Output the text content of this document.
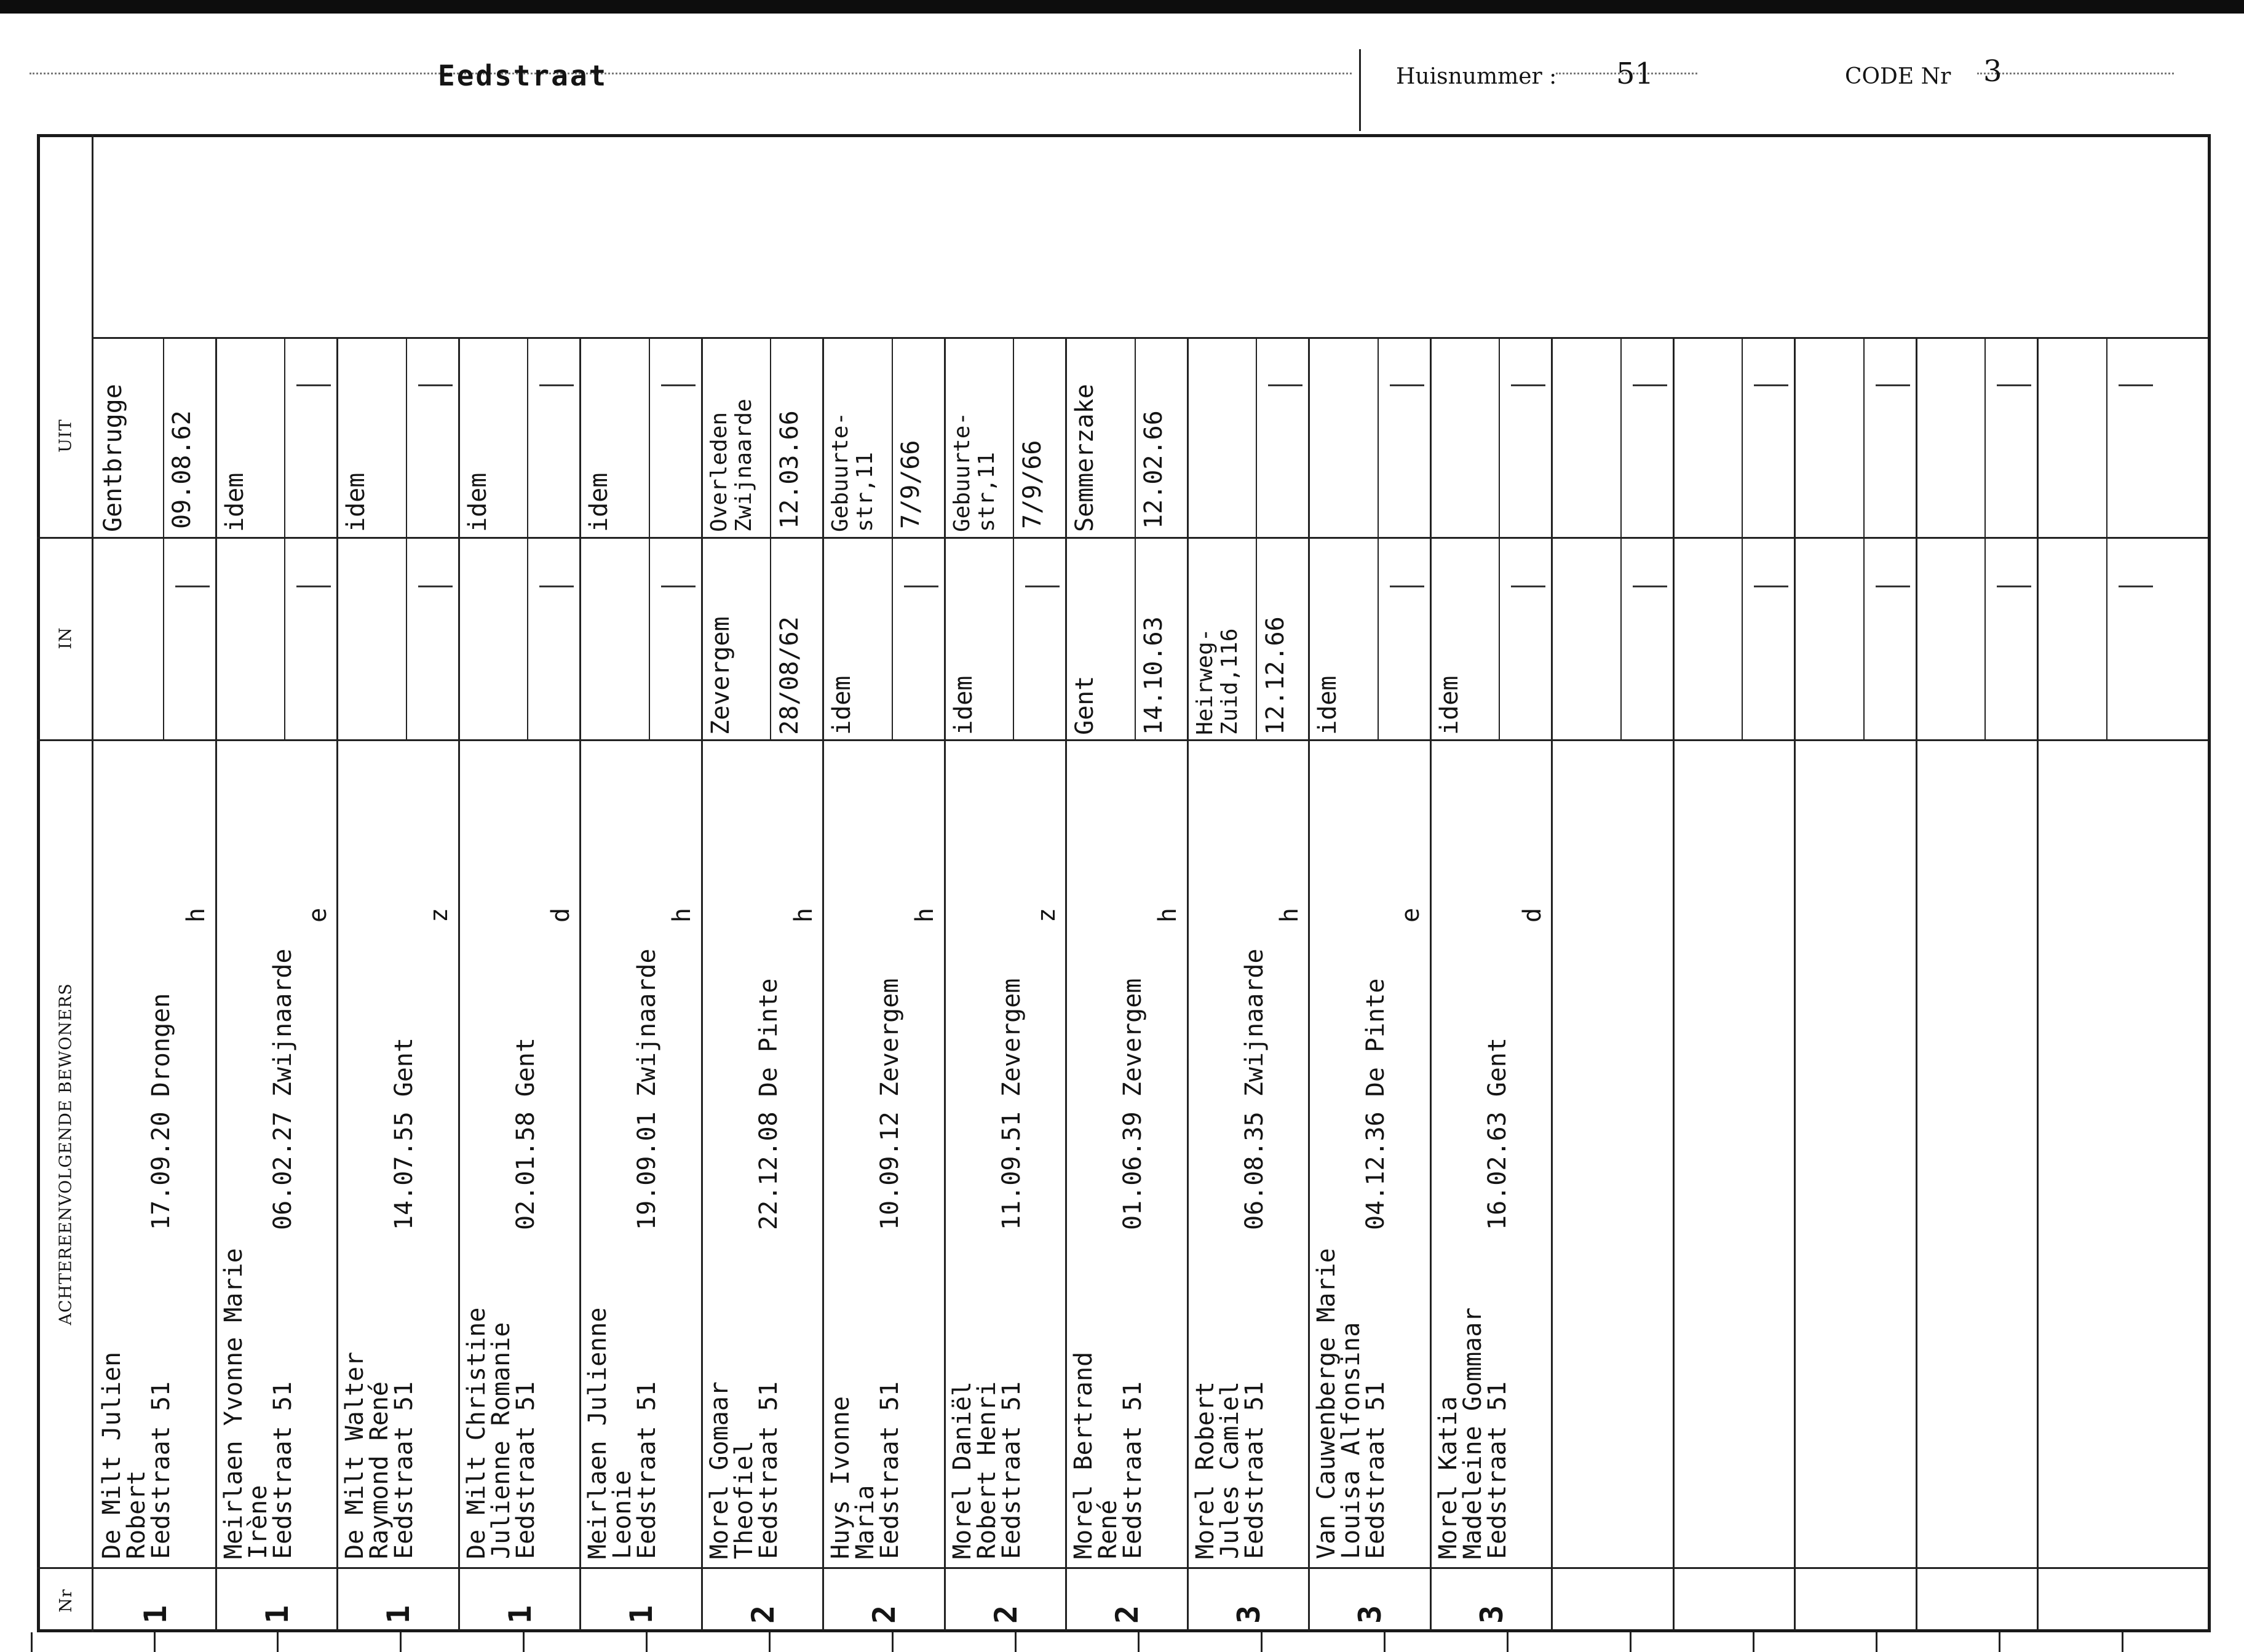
Eedstraat	Huisnummer : 51	CODE Nr 3
UIT
IN
ACHTEREENVOLGENDE BEWONERS
Nr
1
De Milt Julien
Robert
Eedstraat 51
17.09.20 Drongen
h
Gentbrugge 09.08.62
1
Meirlaen Yvonne Marie
Irène
Eedstraat 51
06.02.27 Zwijnaarde
e
idem
1
De Milt Walter
Raymond René
Eedstraat 51
14.07.55 Gent
z
idem
1
De Milt Christine
Julienne Romanie
Eedstraat 51
02.01.58 Gent
d
idem
1
Meirlaen Julienne
Leonie
Eedstraat 51
19.09.01 Zwijnaarde
h
idem
2
Morel Gomaar
Theofiel
Eedstraat 51
22.12.08 De Pinte
h
Overleden
Zwijnaarde 12.03.66
Zevergem 28/08/62
2
Huys Ivonne
Maria
Eedstraat 51
10.09.12 Zevergem
h
Gebuurte-
str,11 7/9/66
idem
2
Morel Daniël
Robert Henri
Eedstraat 51
11.09.51 Zevergem
z
Gebuurte-
str,11 7/9/66
idem
2
Morel Bertrand
René
Eedstraat 51
01.06.39 Zevergem
h
Semmerzake 12.02.66
Gent 14.10.63
3
Morel Robert
Jules Camiel
Eedstraat 51
06.08.35 Zwijnaarde
h
Heirweg-
Zuid,116 12.12.66
3
Van Cauwenberge Marie
Louisa Alfonsina
Eedstraat 51
04.12.36 De Pinte
e
idem
3
Morel Katia
Madeleine Gommaar
Eedstraat 51
16.02.63 Gent
d
idem
